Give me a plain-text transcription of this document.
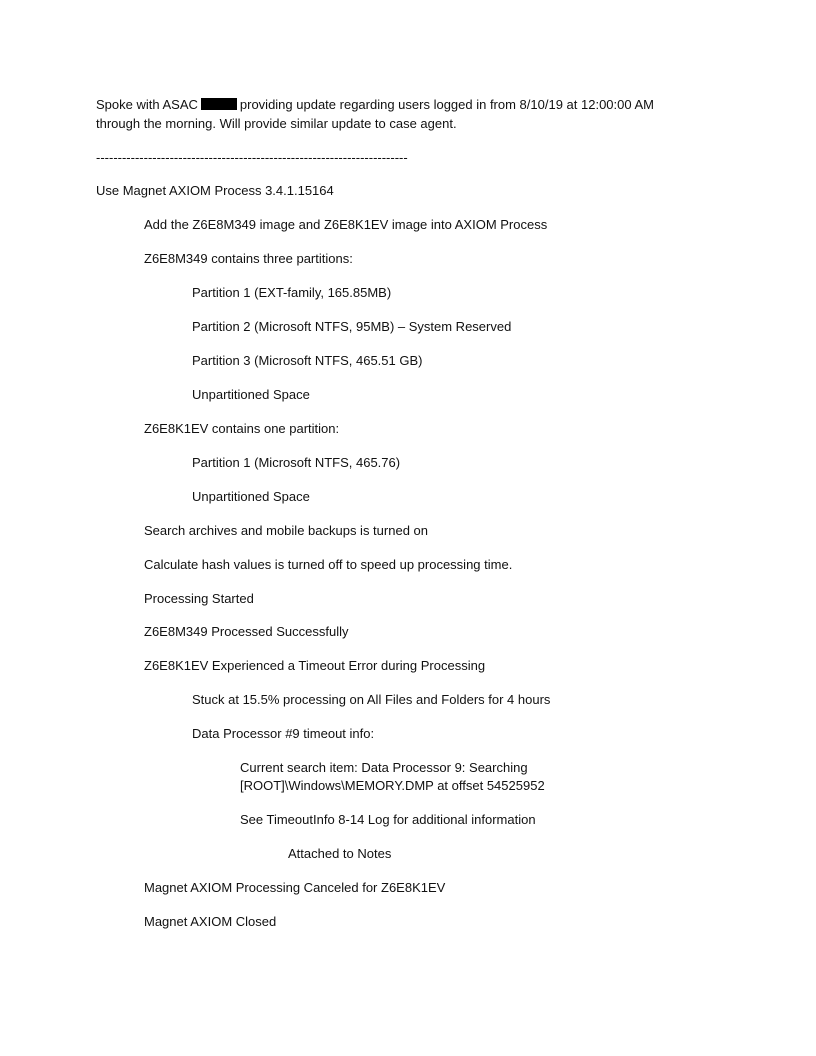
Spoke with ASAC	providing update regarding users logged in from 8/10/19 at 12:00:00 AM

through the morning. Will provide similar update to case agent.

------------------------------------------------------------------------

Use Magnet AXIOM Process 3.4.1.15164

Add the Z6E8M349 image and Z6E8K1EV image into AXIOM Process

Z6E8M349 contains three partitions:

Partition 1 (EXT-family, 165.85MB)

Partition 2 (Microsoft NTFS, 95MB) – System Reserved

Partition 3 (Microsoft NTFS, 465.51 GB)

Unpartitioned Space

Z6E8K1EV contains one partition:

Partition 1 (Microsoft NTFS, 465.76)

Unpartitioned Space

Search archives and mobile backups is turned on

Calculate hash values is turned off to speed up processing time.

Processing Started

Z6E8M349 Processed Successfully

Z6E8K1EV Experienced a Timeout Error during Processing

Stuck at 15.5% processing on All Files and Folders for 4 hours

Data Processor #9 timeout info:

Current search item: Data Processor 9: Searching

[ROOT]\Windows\MEMORY.DMP at offset 54525952

See TimeoutInfo 8-14 Log for additional information

Attached to Notes

Magnet AXIOM Processing Canceled for Z6E8K1EV

Magnet AXIOM Closed
